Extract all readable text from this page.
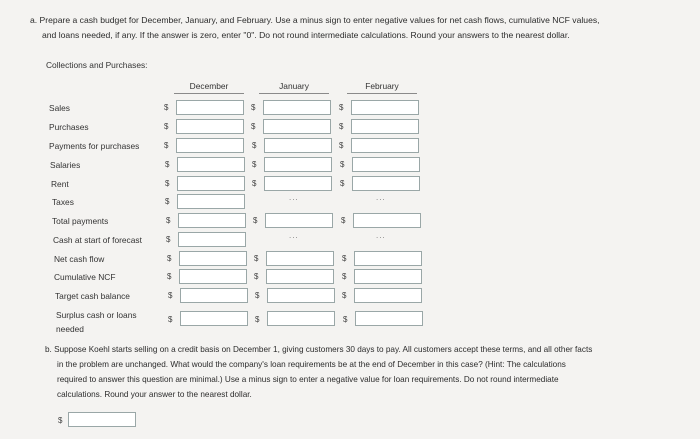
a. Prepare a cash budget for December, January, and February. Use a minus sign to enter negative values for net cash flows, cumulative NCF values,
and loans needed, if any. If the answer is zero, enter "0". Do not round intermediate calculations. Round your answers to the nearest dollar.
Collections and Purchases:
December	January	February
Sales
Purchases
Payments for purchases
Salaries
Rent
Taxes
Total payments
Cash at start of forecast
Net cash flow
Cumulative NCF
Target cash balance
Surplus cash or loans needed
$
$
$
$
$
$
$
$
$
$
$
$
$
$
$
$
$
...
$
...
$
$
$
$
$
$
$
$
$
...
$
...
$
$
$
$
b. Suppose Koehl starts selling on a credit basis on December 1, giving customers 30 days to pay. All customers accept these terms, and all other facts
in the problem are unchanged. What would the company's loan requirements be at the end of December in this case? (Hint: The calculations
required to answer this question are minimal.) Use a minus sign to enter a negative value for loan requirements. Do not round intermediate
calculations. Round your answer to the nearest dollar.
$
